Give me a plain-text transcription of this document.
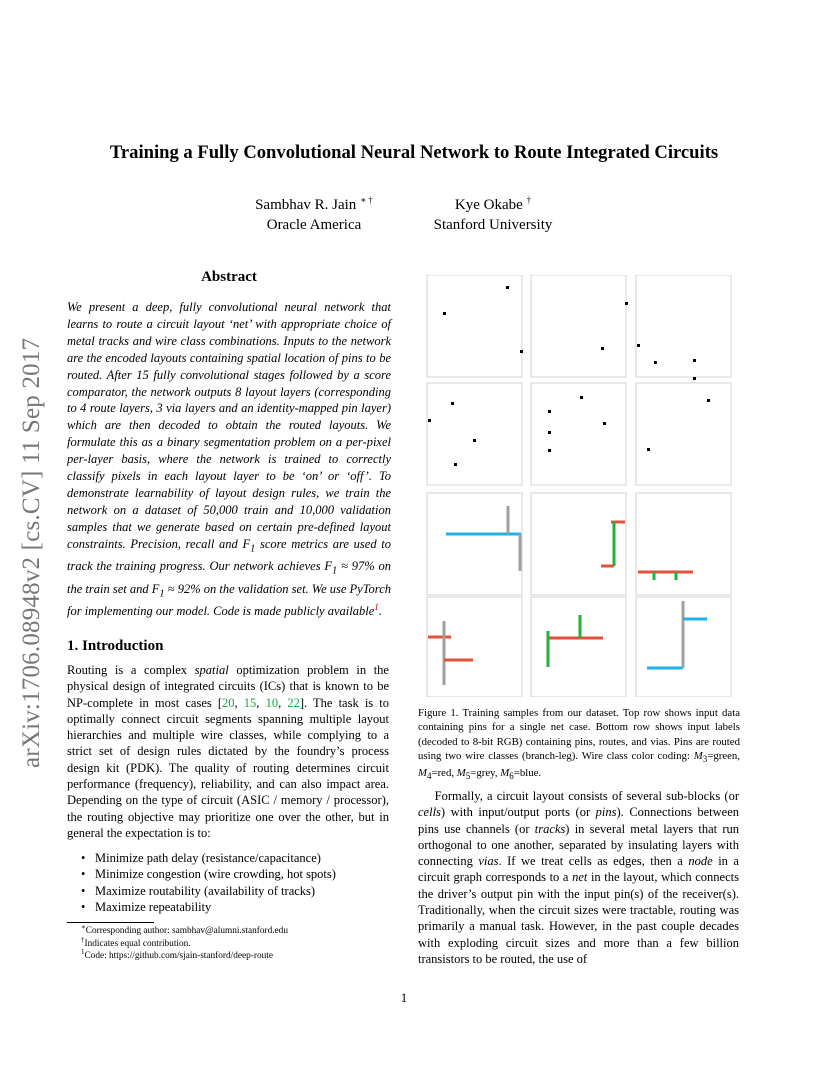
Training a Fully Convolutional Neural Network to Route Integrated Circuits
Sambhav R. Jain ∗ †
Oracle America
Kye Okabe †
Stanford University
arXiv:1706.08948v2 [cs.CV] 11 Sep 2017
Abstract
We present a deep, fully convolutional neural network that learns to route a circuit layout ‘net’ with appropriate choice of metal tracks and wire class combinations. Inputs to the network are the encoded layouts containing spatial location of pins to be routed. After 15 fully convolutional stages followed by a score comparator, the network outputs 8 layout layers (corresponding to 4 route layers, 3 via layers and an identity-mapped pin layer) which are then decoded to obtain the routed layouts. We formulate this as a binary segmentation problem on a per-pixel per-layer basis, where the network is trained to correctly classify pixels in each layout layer to be ‘on’ or ‘off’. To demonstrate learnability of layout design rules, we train the network on a dataset of 50,000 train and 10,000 validation samples that we generate based on certain pre-defined layout constraints. Precision, recall and $F_1$ score metrics are used to track the training progress. Our network achieves $F_1 \approx 97\%$ on the train set and $F_1 \approx 92\%$ on the validation set. We use PyTorch for implementing our model. Code is made publicly available$^1$.
1. Introduction
Routing is a complex spatial optimization problem in the physical design of integrated circuits (ICs) that is known to be NP-complete in most cases [20, 15, 10, 22]. The task is to optimally connect circuit segments spanning multiple layout hierarchies and multiple wire classes, while complying to a strict set of design rules dictated by the foundry’s process design kit (PDK). The quality of routing determines circuit performance (frequency), reliability, and can also impact area. Depending on the type of circuit (ASIC / memory / processor), the routing objective may prioritize one over the other, but in general the expectation is to:
• Minimize path delay (resistance/capacitance)
• Minimize congestion (wire crowding, hot spots)
• Maximize routability (availability of tracks)
• Maximize repeatability
∗Corresponding author: sambhav@alumni.stanford.edu
†Indicates equal contribution.
$^1$Code: https://github.com/sjain-stanford/deep-route
Figure 1. Training samples from our dataset. Top row shows input data containing pins for a single net case. Bottom row shows input labels (decoded to 8-bit RGB) containing pins, routes, and vias. Pins are routed using two wire classes (branch-leg). Wire class color coding: $M_3=green$, $M_4=red$, $M_5=grey$, $M_6=blue$.
Formally, a circuit layout consists of several sub-blocks (or cells) with input/output ports (or pins). Connections between pins use channels (or tracks) in several metal layers that run orthogonal to one another, separated by insulating layers with connecting vias. If we treat cells as edges, then a node in a circuit graph corresponds to a net in the layout, which connects the driver’s output pin with the input pin(s) of the receiver(s). Traditionally, when the circuit sizes were tractable, routing was primarily a manual task. However, in the past couple decades with exploding circuit sizes and more than a few billion transistors to be routed, the use of
1
